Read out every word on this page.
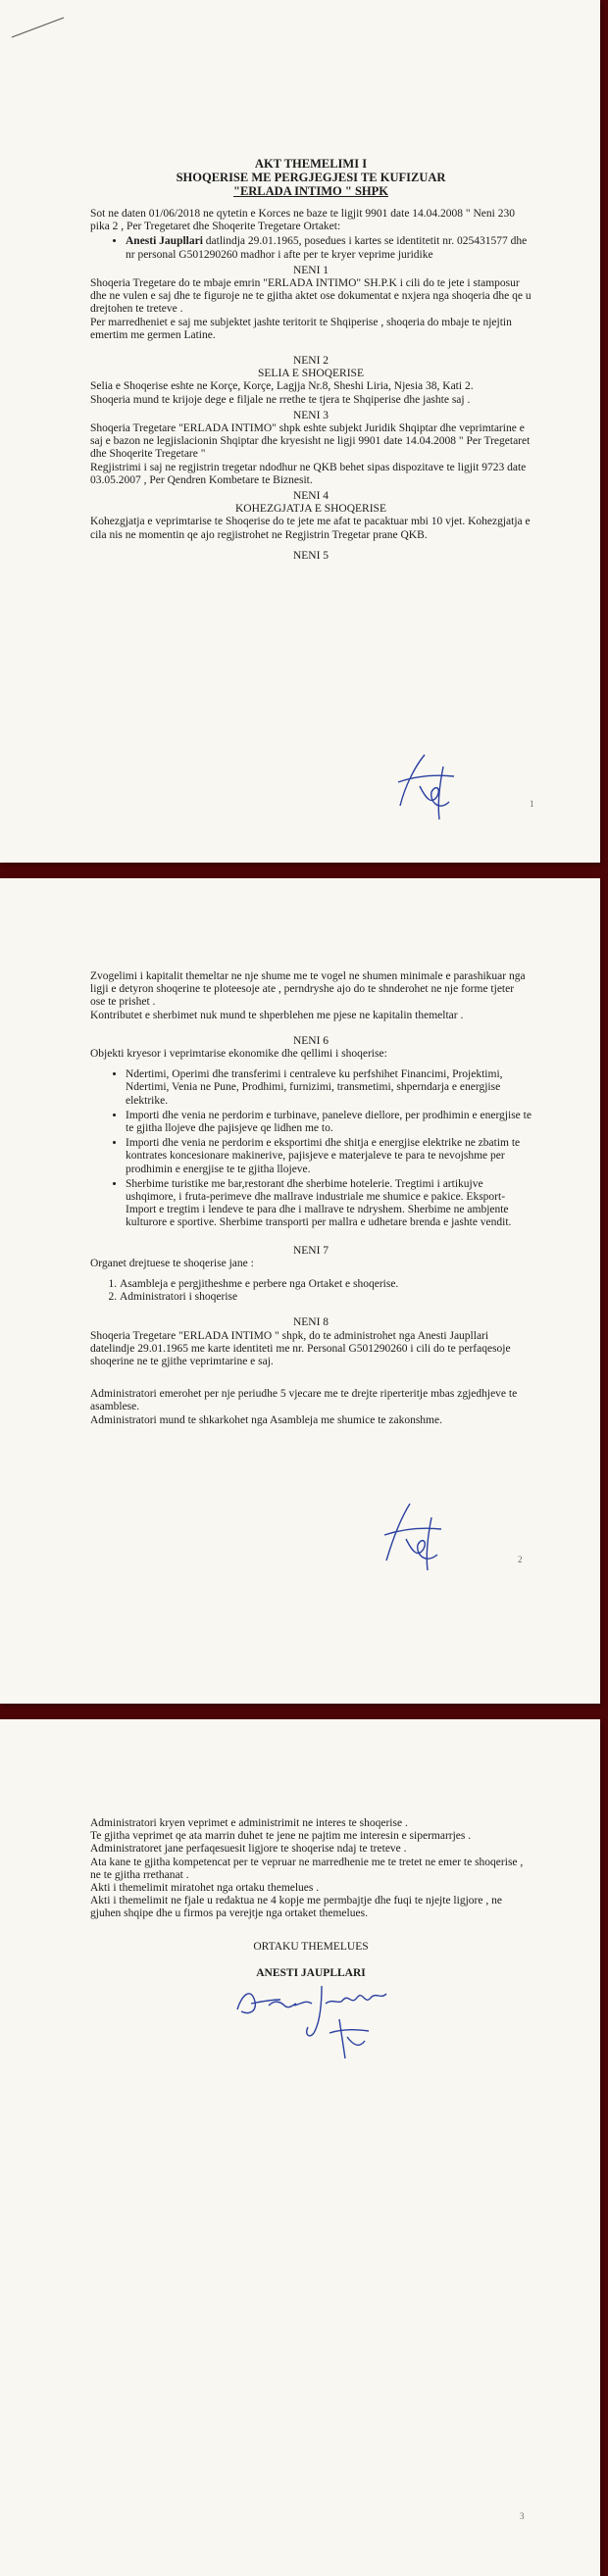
AKT THEMELIMI I
SHOQERISE ME PERGJEGJESI TE KUFIZUAR
"ERLADA INTIMO " SHPK

Sot ne daten 01/06/2018 ne qytetin e Korces ne baze te ligjit 9901 date 14.04.2008 " Neni 230 pika 2 , Per Tregetaret dhe Shoqerite Tregetare Ortaket:

• Anesti Jaupllari datlindja 29.01.1965, posedues i kartes se identitetit nr. 025431577 dhe nr personal G501290260 madhor i afte per te kryer veprime juridike
NENI 1

Shoqeria Tregetare do te mbaje emrin "ERLADA INTIMO" SH.P.K i cili do te jete i stamposur dhe ne vulen e saj dhe te figuroje ne te gjitha aktet ose dokumentat e nxjera nga shoqeria dhe qe u drejtohen te treteve .

Per marredheniet e saj me subjektet jashte teritorit te Shqiperise , shoqeria do mbaje te njejtin emertim me germen Latine.

NENI 2
SELIA E SHOQERISE

Selia e Shoqerise eshte ne Korçe, Korçe, Lagjja Nr.8, Sheshi Liria, Njesia 38, Kati 2.

Shoqeria mund te krijoje dege e filjale ne rrethe te tjera te Shqiperise dhe jashte saj .

NENI 3

Shoqeria Tregetare "ERLADA INTIMO" shpk eshte subjekt Juridik Shqiptar dhe veprimtarine e saj e bazon ne legjislacionin Shqiptar dhe kryesisht ne ligji 9901 date 14.04.2008 " Per Tregetaret dhe Shoqerite Tregetare "

Regjistrimi i saj ne regjistrin tregetar ndodhur ne QKB behet sipas dispozitave te ligjit 9723 date 03.05.2007 , Per Qendren Kombetare te Biznesit.

NENI 4
KOHEZGJATJA E SHOQERISE

Kohezgjatja e veprimtarise te Shoqerise do te jete me afat te pacaktuar mbi 10 vjet. Kohezgjatja e cila nis ne momentin qe ajo regjistrohet ne Regjistrin Tregetar prane QKB.

NENI 5
1

Zvogelimi i kapitalit themeltar ne nje shume me te vogel ne shumen minimale e parashikuar nga ligji e detyron shoqerine te ploteesoje ate , perndryshe ajo do te shnderohet ne nje forme tjeter ose te prishet .

Kontributet e sherbimet nuk mund te shperblehen me pjese ne kapitalin themeltar .

NENI 6

Objekti kryesor i veprimtarise ekonomike dhe qellimi i shoqerise:

• Ndertimi, Operimi dhe transferimi i centraleve ku perfshihet Financimi, Projektimi, Ndertimi, Venia ne Pune, Prodhimi, furnizimi, transmetimi, shperndarja e energjise elektrike.
• Importi dhe venia ne perdorim e turbinave, paneleve diellore, per prodhimin e energjise te te gjitha llojeve dhe pajisjeve qe lidhen me to.
• Importi dhe venia ne perdorim e eksportimi dhe shitja e energjise elektrike ne zbatim te kontrates koncesionare makinerive, pajisjeve e materjaleve te para te nevojshme per prodhimin e energjise te te gjitha llojeve.
• Sherbime turistike me bar,restorant dhe sherbime hotelerie. Tregtimi i artikujve ushqimore, i fruta-perimeve dhe mallrave industriale me shumice e pakice. Eksport-Import e tregtim i lendeve te para dhe i mallrave te ndryshem. Sherbime ne ambjente kulturore e sportive. Sherbime transporti per mallra e udhetare brenda e jashte vendit.
NENI 7

Organet drejtuese te shoqerise jane :

1. Asambleja e pergjitheshme e perbere nga Ortaket e shoqerise.
2. Administratori i shoqerise
NENI 8

Shoqeria Tregetare "ERLADA INTIMO " shpk, do te administrohet nga Anesti Jaupllari datelindje 29.01.1965 me karte identiteti me nr. Personal G501290260 i cili do te perfaqesoje shoqerine ne te gjithe veprimtarine e saj.

Administratori emerohet per nje periudhe 5 vjecare me te drejte riperteritje mbas zgjedhjeve te asamblese.

Administratori mund te shkarkohet nga Asambleja me shumice te zakonshme.

2

Administratori kryen veprimet e administrimit ne interes te shoqerise .

Te gjitha veprimet qe ata marrin duhet te jene ne pajtim me interesin e sipermarrjes .

Administratoret jane perfaqesuesit ligjore te shoqerise ndaj te treteve .

Ata kane te gjitha kompetencat per te vepruar ne marredhenie me te tretet ne emer te shoqerise , ne te gjitha rrethanat .

Akti i themelimit miratohet nga ortaku themelues .

Akti i themelimit ne fjale u redaktua ne 4 kopje me permbajtje dhe fuqi te njejte ligjore , ne gjuhen shqipe dhe u firmos pa verejtje nga ortaket themelues.

ORTAKU THEMELUES
ANESTI JAUPLLARI
3
